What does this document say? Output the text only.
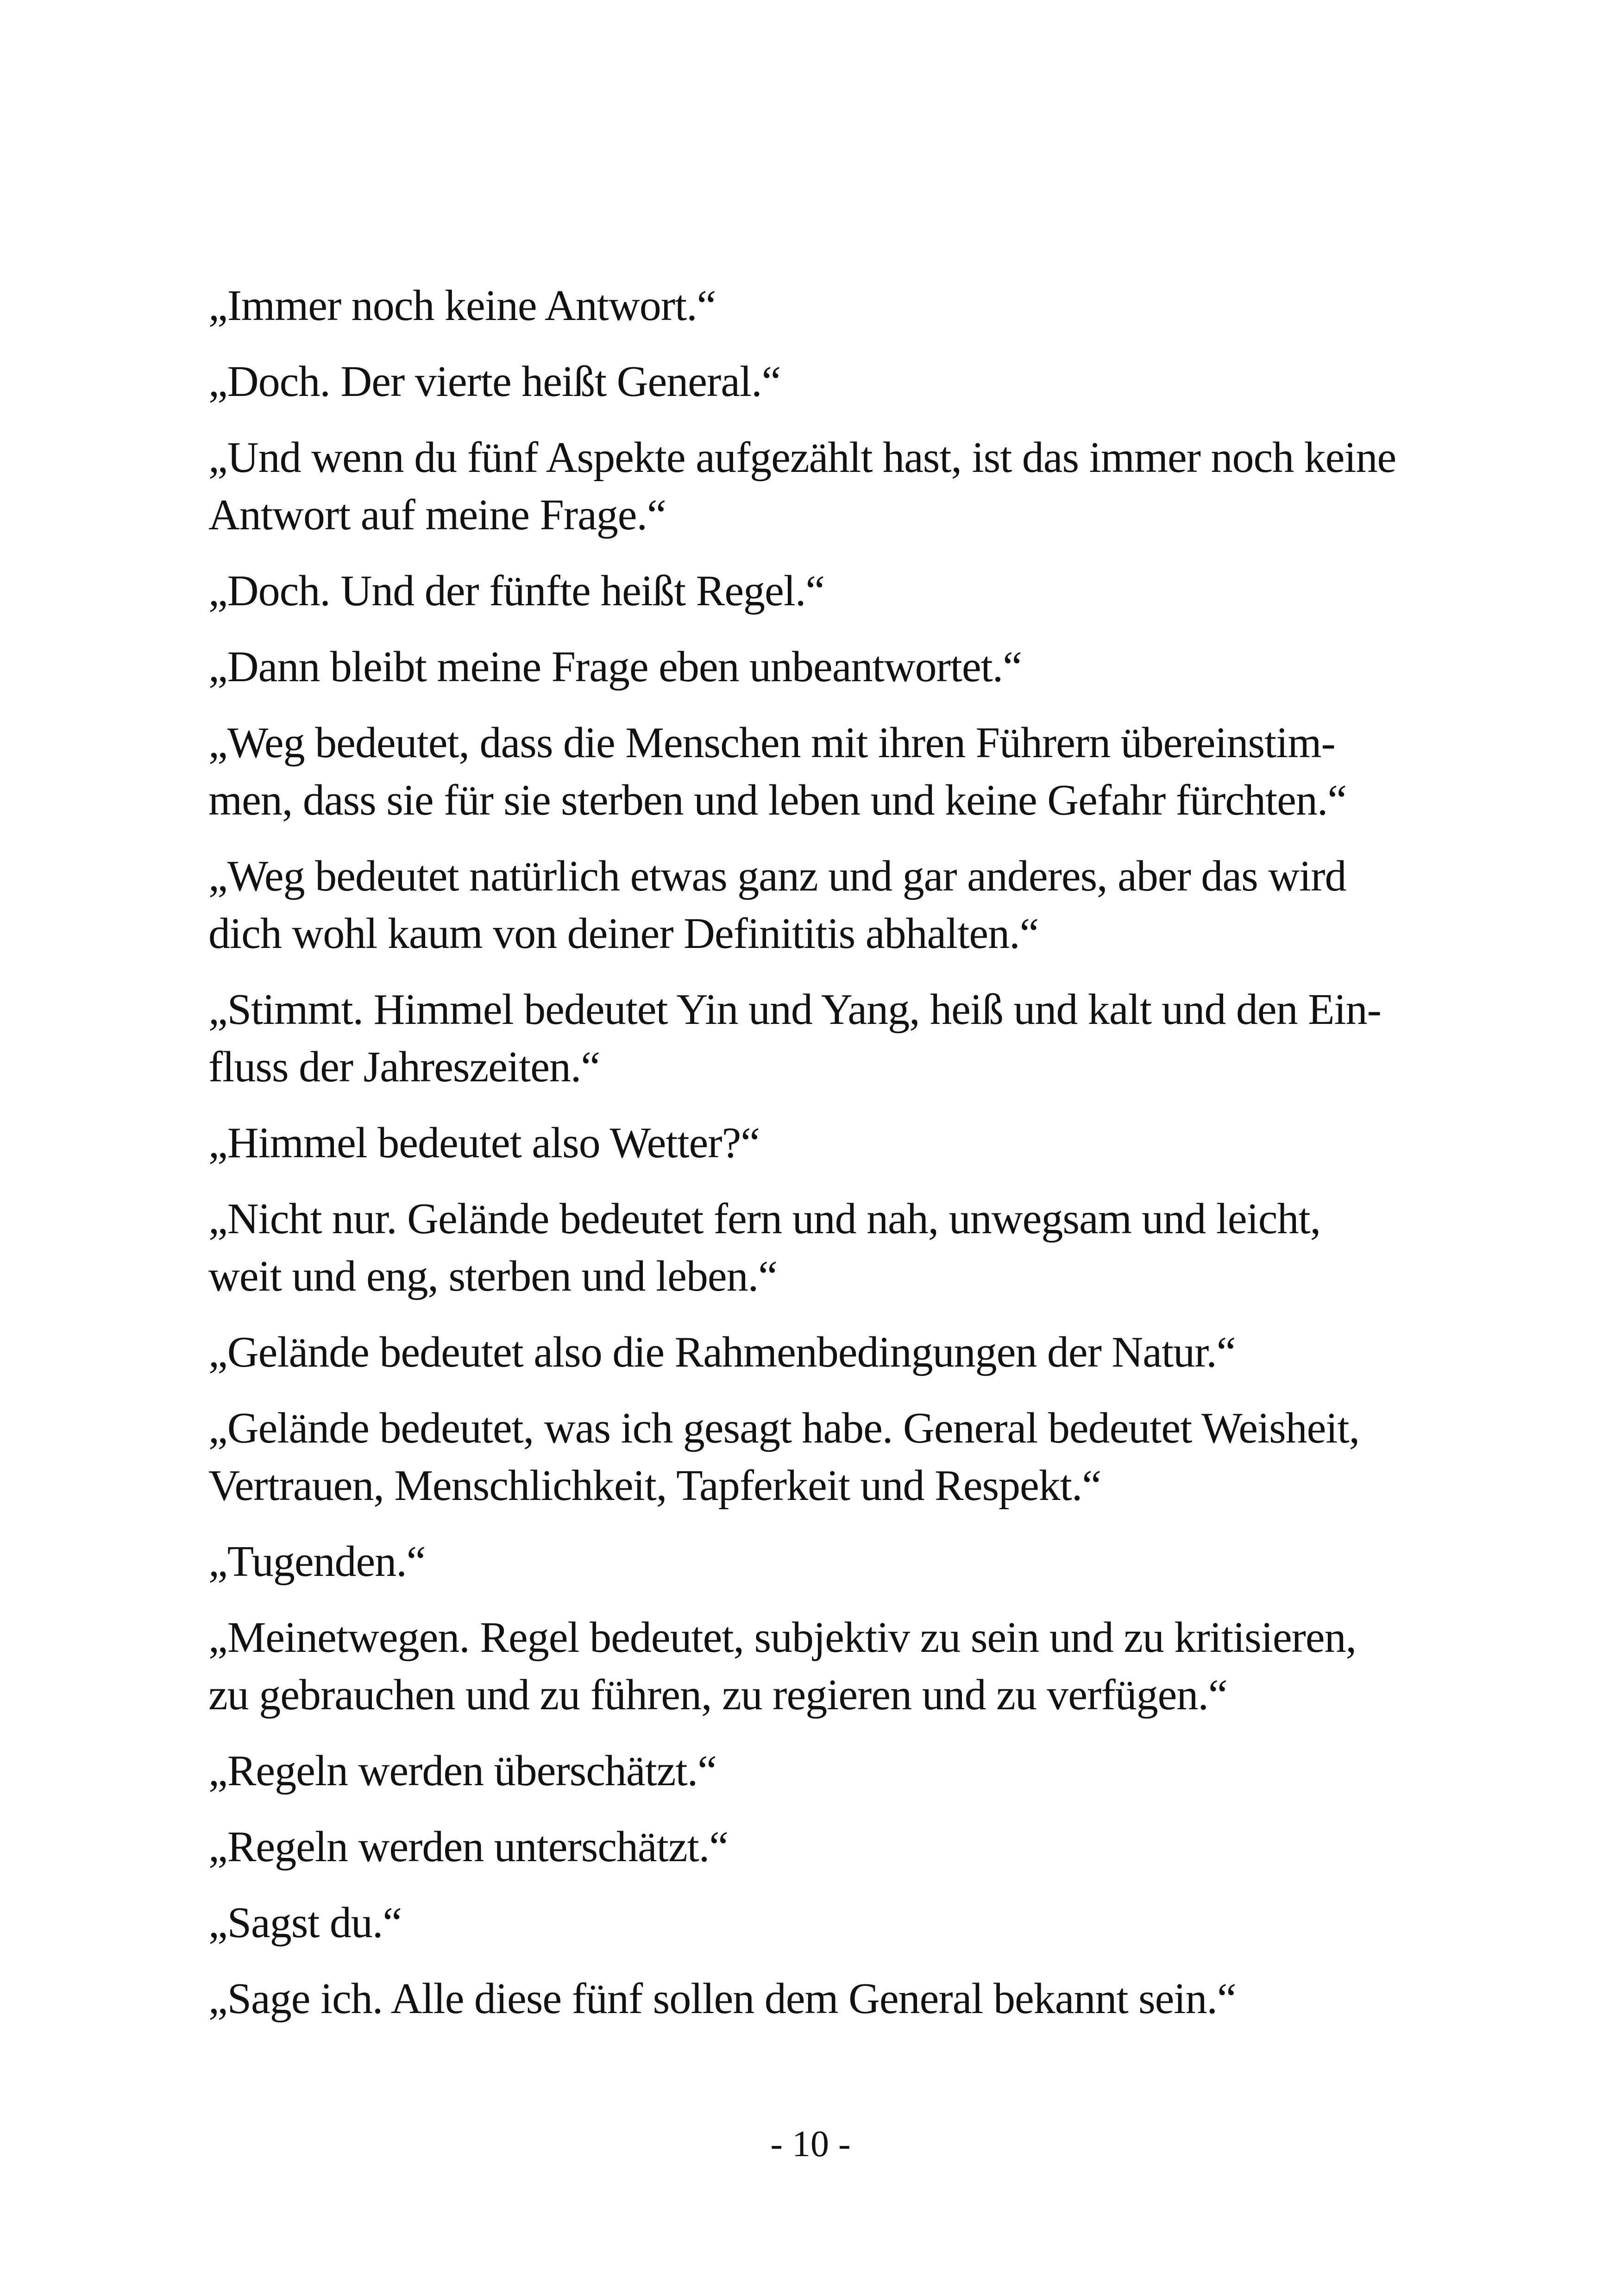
„Immer noch keine Antwort.“

„Doch. Der vierte heißt General.“

„Und wenn du fünf Aspekte aufgezählt hast, ist das immer noch keine
Antwort auf meine Frage.“

„Doch. Und der fünfte heißt Regel.“

„Dann bleibt meine Frage eben unbeantwortet.“

„Weg bedeutet, dass die Menschen mit ihren Führern übereinstim-
men, dass sie für sie sterben und leben und keine Gefahr fürchten.“

„Weg bedeutet natürlich etwas ganz und gar anderes, aber das wird
dich wohl kaum von deiner Definititis abhalten.“

„Stimmt. Himmel bedeutet Yin und Yang, heiß und kalt und den Ein-
fluss der Jahreszeiten.“

„Himmel bedeutet also Wetter?“

„Nicht nur. Gelände bedeutet fern und nah, unwegsam und leicht,
weit und eng, sterben und leben.“

„Gelände bedeutet also die Rahmenbedingungen der Natur.“

„Gelände bedeutet, was ich gesagt habe. General bedeutet Weisheit,
Vertrauen, Menschlichkeit, Tapferkeit und Respekt.“

„Tugenden.“

„Meinetwegen. Regel bedeutet, subjektiv zu sein und zu kritisieren,
zu gebrauchen und zu führen, zu regieren und zu verfügen.“

„Regeln werden überschätzt.“

„Regeln werden unterschätzt.“

„Sagst du.“

„Sage ich. Alle diese fünf sollen dem General bekannt sein.“

- 10 -
